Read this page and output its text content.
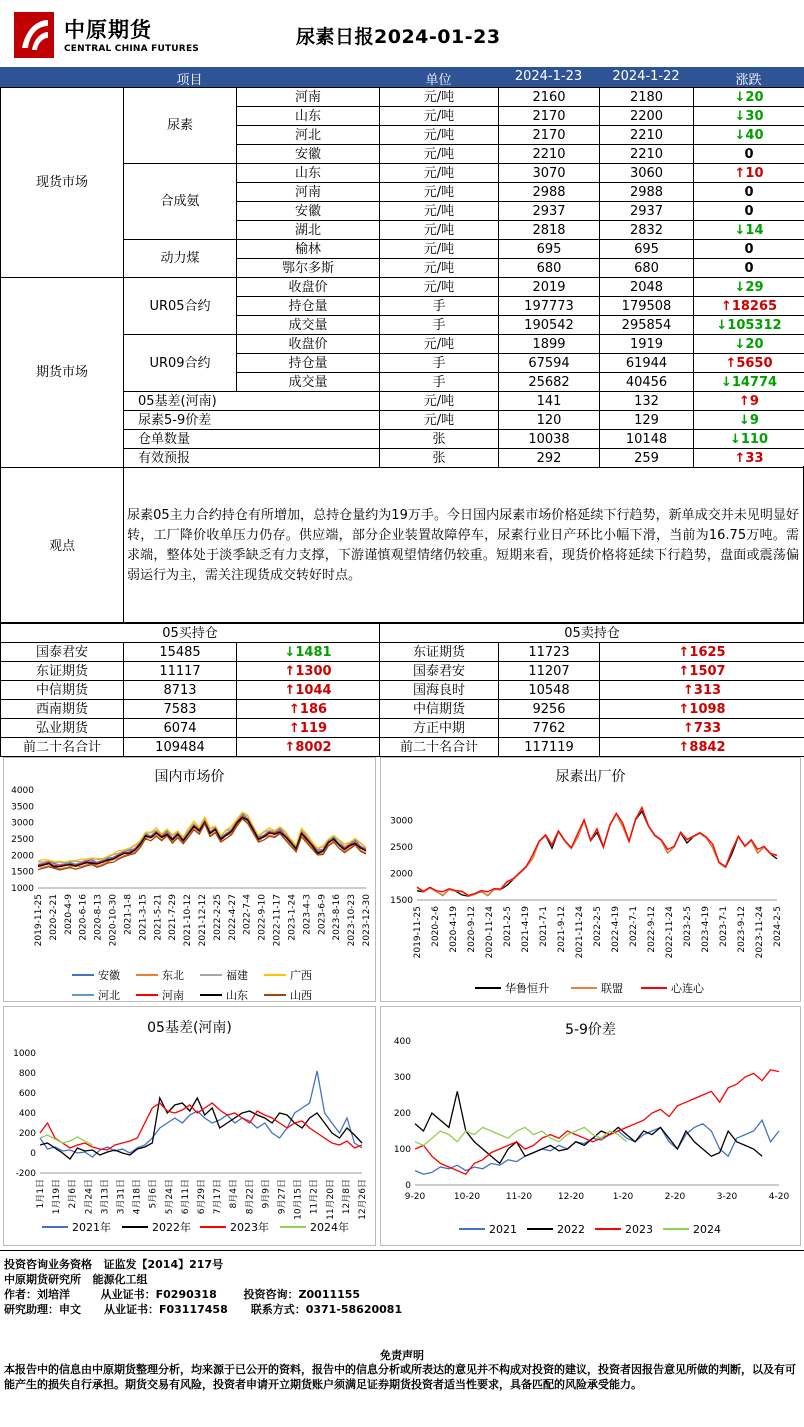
中原期货
CENTRAL CHINA FUTURES
尿素日报2024-01-23
项目	单位	2024-1-23	2024-1-22	涨跌
现货市场	尿素	河南	元/吨	2160	2180	↓20
		山东	元/吨	2170	2200	↓30
		河北	元/吨	2170	2210	↓40
		安徽	元/吨	2210	2210	0
	合成氨	山东	元/吨	3070	3060	↑10
		河南	元/吨	2988	2988	0
		安徽	元/吨	2937	2937	0
		湖北	元/吨	2818	2832	↓14
	动力煤	榆林	元/吨	695	695	0
		鄂尔多斯	元/吨	680	680	0
期货市场	UR05合约	收盘价	元/吨	2019	2048	↓29
		持仓量	手	197773	179508	↑18265
		成交量	手	190542	295854	↓105312
	UR09合约	收盘价	元/吨	1899	1919	↓20
		持仓量	手	67594	61944	↑5650
		成交量	手	25682	40456	↓14774
	05基差(河南)		元/吨	141	132	↑9
	尿素5-9价差		元/吨	120	129	↓9
	仓单数量		张	10038	10148	↓110
	有效预报		张	292	259	↑33
观点
尿素05主力合约持仓有所增加，总持仓量约为19万手。今日国内尿素市场价格延续下行趋势，新单成交并未见明显好转，工厂降价收单压力仍存。供应端，部分企业装置故障停车，尿素行业日产环比小幅下滑，当前为16.75万吨。需求端，整体处于淡季缺乏有力支撑，下游谨慎观望情绪仍较重。短期来看，现货价格将延续下行趋势，盘面或震荡偏弱运行为主，需关注现货成交转好时点。
05买持仓			05卖持仓		
国泰君安	15485	↓1481	东证期货	11723	↑1625
东证期货	11117	↑1300	国泰君安	11207	↑1507
中信期货	8713	↑1044	国海良时	10548	↑313
西南期货	7583	↑186	中信期货	9256	↑1098
弘业期货	6074	↑119	方正中期	7762	↑733
前二十名合计	109484	↑8002	前二十名合计	117119	↑8842
国内市场价
1000
1500
2000
2500
3000
3500
4000
2019-11-25 2020-2-21 2020-4-9 2020-6-16 2020-8-13 2020-10-30 2021-1-8 2021-3-15 2021-5-21 2021-7-29 2021-10-12 2021-12-12 2022-2-25 2022-4-27 2022-7-4 2022-9-10 2022-11-17 2023-1-24 2023-4-3 2023-6-9 2023-8-16 2023-10-23 2023-12-30
安徽	东北	福建	广西
河北	河南	山东	山西
尿素出厂价
1500
2000
2500
3000
2019-11-25 2020-2-6 2020-4-19 2020-9-12 2020-11-24 2021-2-5 2021-4-19 2021-7-1 2021-9-12 2021-11-24 2022-2-5 2022-4-19 2022-7-1 2022-9-12 2022-11-24 2023-2-5 2023-4-19 2023-7-1 2023-9-12 2023-11-24 2024-2-5
华鲁恒升	联盟	心连心
05基差(河南)
-200
0
200
400
600
800
1000
1月1日 1月19日 2月6日 2月24日 3月13日 3月31日 4月18日 5月6日 5月24日 6月11日 6月29日 7月17日 8月4日 8月22日 9月9日 9月27日 10月15日 11月2日 11月20日 12月8日 12月26日
2021年	2022年	2023年	2024年
5-9价差
0
100
200
300
400
9-20	10-20	11-20	12-20	1-20	2-20	3-20	4-20
2021	2022	2023	2024
投资咨询业务资格   证监发【2014】217号
中原期货研究所   能源化工组
作者：刘培洋        从业证书：F0290318       投资咨询：Z0011155
研究助理：申文      从业证书：F03117458      联系方式：0371-58620081
免责声明
本报告中的信息由中原期货整理分析，均来源于已公开的资料，报告中的信息分析或所表达的意见并不构成对投资的建议，投资者因报告意见所做的判断，以及有可能产生的损失自行承担。期货交易有风险，投资者申请开立期货账户须满足证券期货投资者适当性要求，具备匹配的风险承受能力。
